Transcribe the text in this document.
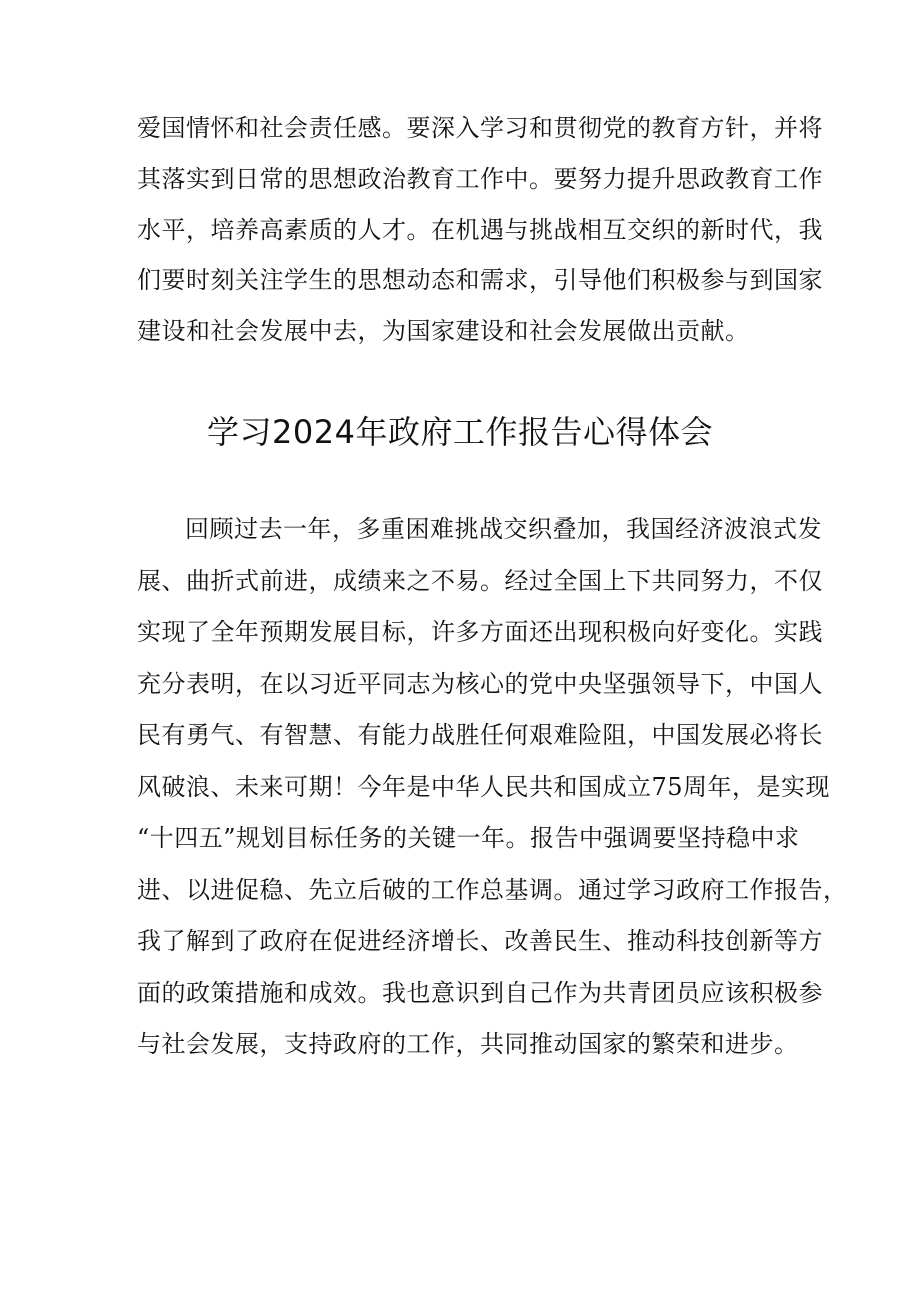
爱国情怀和社会责任感。要深入学习和贯彻党的教育方针，并将
其落实到日常的思想政治教育工作中。要努力提升思政教育工作
水平，培养高素质的人才。在机遇与挑战相互交织的新时代，我
们要时刻关注学生的思想动态和需求，引导他们积极参与到国家
建设和社会发展中去，为国家建设和社会发展做出贡献。
学习2024年政府工作报告心得体会
回顾过去一年，多重困难挑战交织叠加，我国经济波浪式发
展、曲折式前进，成绩来之不易。经过全国上下共同努力，不仅
实现了全年预期发展目标，许多方面还出现积极向好变化。实践
充分表明，在以习近平同志为核心的党中央坚强领导下，中国人
民有勇气、有智慧、有能力战胜任何艰难险阻，中国发展必将长
风破浪、未来可期！今年是中华人民共和国成立75周年，是实现
“十四五”规划目标任务的关键一年。报告中强调要坚持稳中求
进、以进促稳、先立后破的工作总基调。通过学习政府工作报告，
我了解到了政府在促进经济增长、改善民生、推动科技创新等方
面的政策措施和成效。我也意识到自己作为共青团员应该积极参
与社会发展，支持政府的工作，共同推动国家的繁荣和进步。
